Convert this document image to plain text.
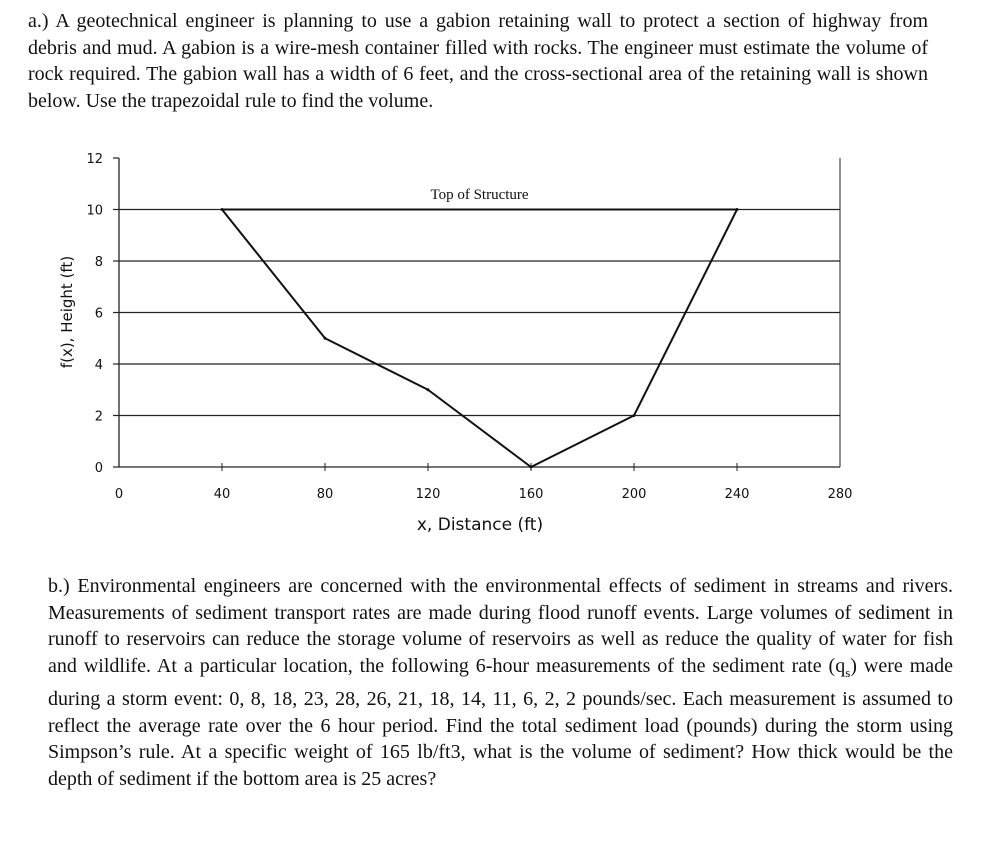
a.) A geotechnical engineer is planning to use a gabion retaining wall to protect a section of highway from debris and mud. A gabion is a wire-mesh container filled with rocks. The engineer must estimate the volume of rock required. The gabion wall has a width of 6 feet, and the cross-sectional area of the retaining wall is shown below. Use the trapezoidal rule to find the volume.

0
2
4
6
8
10
12
0	40	80	120	160	200	240	280
x, Distance (ft)
f(x), Height (ft)
Top of Structure

b.) Environmental engineers are concerned with the environmental effects of sediment in streams and rivers. Measurements of sediment transport rates are made during flood runoff events. Large volumes of sediment in runoff to reservoirs can reduce the storage volume of reservoirs as well as reduce the quality of water for fish and wildlife. At a particular location, the following 6-hour measurements of the sediment rate $(q_s)$ were made during a storm event: 0, 8, 18, 23, 28, 26, 21, 18, 14, 11, 6, 2, 2 pounds/sec. Each measurement is assumed to reflect the average rate over the 6 hour period. Find the total sediment load (pounds) during the storm using Simpson’s rule. At a specific weight of 165 lb/ft3, what is the volume of sediment? How thick would be the depth of sediment if the bottom area is 25 acres?
